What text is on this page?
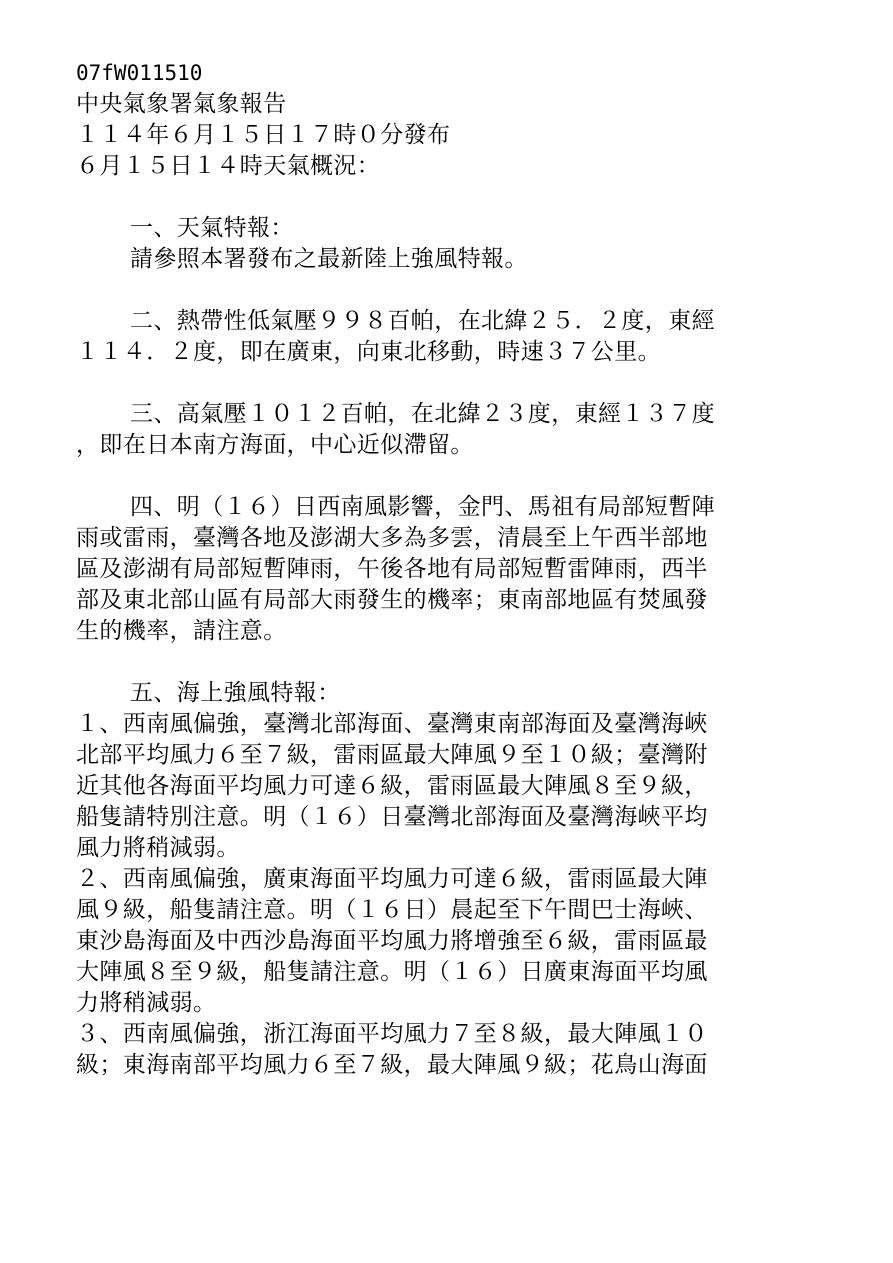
07fW011510
中央氣象署氣象報告
１１４年６月１５日１７時０分發布
６月１５日１４時天氣概況：
一、天氣特報：
請參照本署發布之最新陸上強風特報。
二、熱帶性低氣壓９９８百帕，在北緯２５．２度，東經
１１４．２度，即在廣東，向東北移動，時速３７公里。
三、高氣壓１０１２百帕，在北緯２３度，東經１３７度
，即在日本南方海面，中心近似滯留。
四、明（１６）日西南風影響，金門、馬祖有局部短暫陣
雨或雷雨，臺灣各地及澎湖大多為多雲，清晨至上午西半部地
區及澎湖有局部短暫陣雨，午後各地有局部短暫雷陣雨，西半
部及東北部山區有局部大雨發生的機率；東南部地區有焚風發
生的機率，請注意。
五、海上強風特報：
１、西南風偏強，臺灣北部海面、臺灣東南部海面及臺灣海峽
北部平均風力６至７級，雷雨區最大陣風９至１０級；臺灣附
近其他各海面平均風力可達６級，雷雨區最大陣風８至９級，
船隻請特別注意。明（１６）日臺灣北部海面及臺灣海峽平均
風力將稍減弱。
２、西南風偏強，廣東海面平均風力可達６級，雷雨區最大陣
風９級，船隻請注意。明（１６日）晨起至下午間巴士海峽、
東沙島海面及中西沙島海面平均風力將增強至６級，雷雨區最
大陣風８至９級，船隻請注意。明（１６）日廣東海面平均風
力將稍減弱。
３、西南風偏強，浙江海面平均風力７至８級，最大陣風１０
級；東海南部平均風力６至７級，最大陣風９級；花鳥山海面
